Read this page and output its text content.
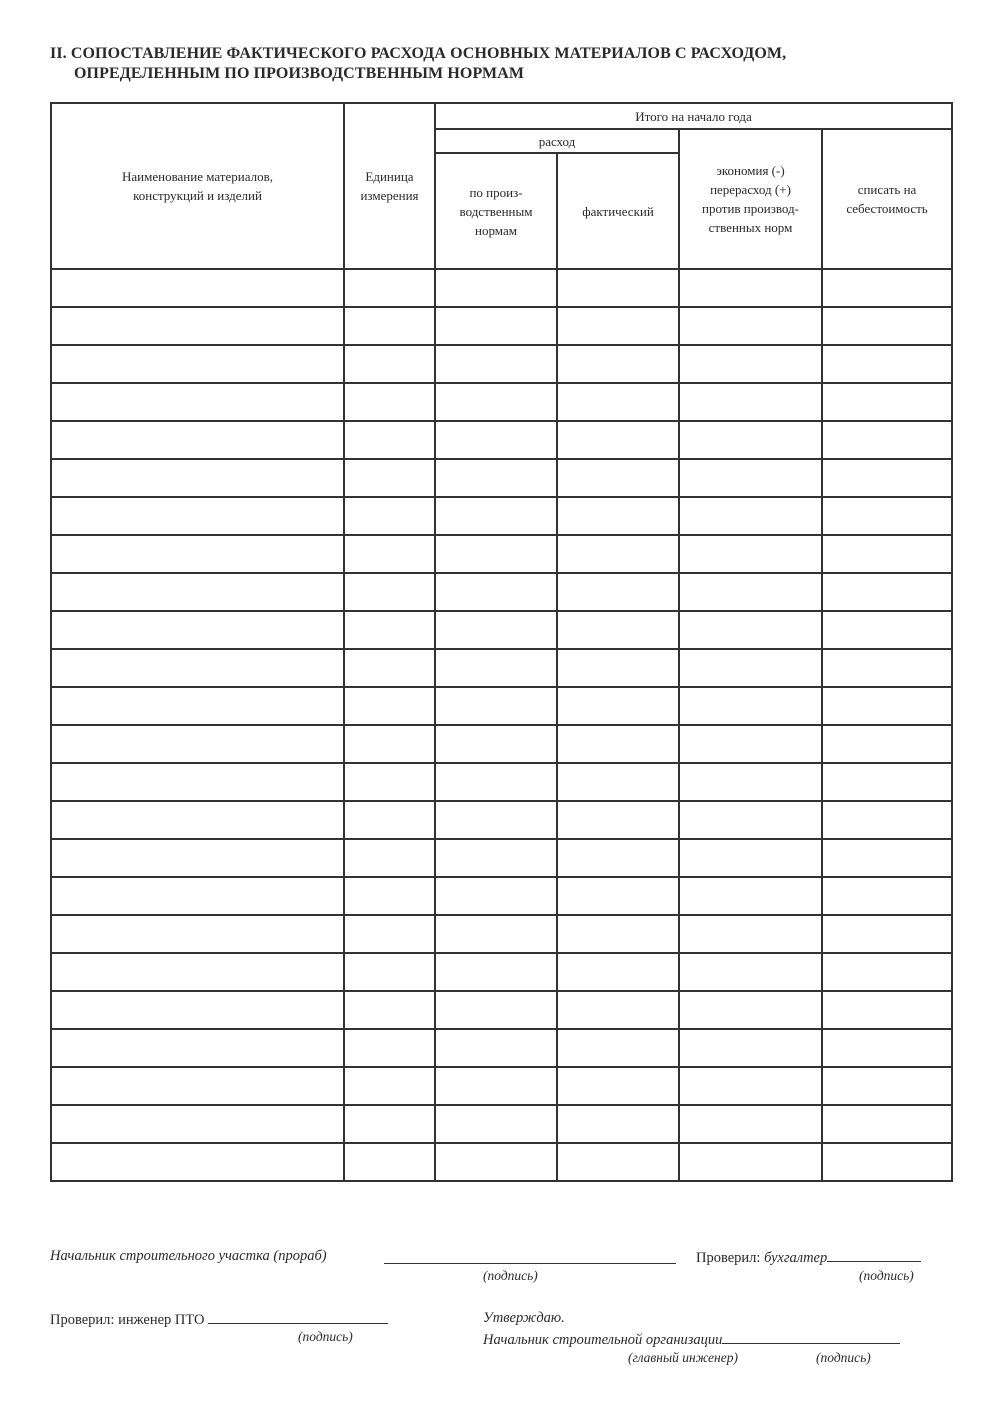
II. СОПОСТАВЛЕНИЕ ФАКТИЧЕСКОГО РАСХОДА ОСНОВНЫХ МАТЕРИАЛОВ С РАСХОДОМ,
ОПРЕДЕЛЕННЫМ ПО ПРОИЗВОДСТВЕННЫМ НОРМАМ
Наименование материалов, конструкций и изделий	Единица измерения	Итого на начало года			
		расход		экономия (-) перерасход (+) против производ-ственных норм	списать на себестоимость
		по произ-водственным нормам	фактический		

Начальник строительного участка (прораб)
(подпись)
Проверил: бухгалтер
(подпись)
Проверил: инженер ПТО
(подпись)
Утверждаю.
Начальник строительной организации
(главный инженер)	(подпись)
